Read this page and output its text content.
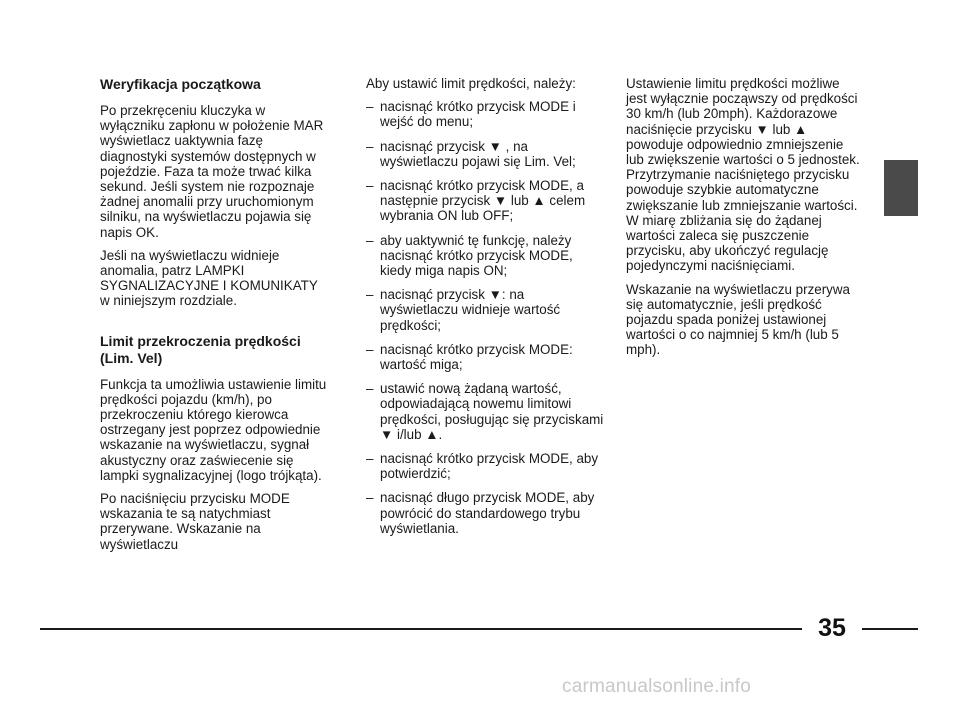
Weryfikacja początkowa

Po przekręceniu kluczyka w wyłączniku zapłonu w położenie MAR wyświetlacz uaktywnia fazę diagnostyki systemów dostępnych w pojeździe. Faza ta może trwać kilka sekund. Jeśli system nie rozpoznaje żadnej anomalii przy uruchomionym silniku, na wyświetlaczu pojawia się napis OK.

Jeśli na wyświetlaczu widnieje anomalia, patrz LAMPKI SYGNALIZACYJNE I KOMUNIKATY w niniejszym rozdziale.

Limit przekroczenia prędkości (Lim. Vel)

Funkcja ta umożliwia ustawienie limitu prędkości pojazdu (km/h), po przekroczeniu którego kierowca ostrzegany jest poprzez odpowiednie wskazanie na wyświetlaczu, sygnał akustyczny oraz zaświecenie się lampki sygnalizacyjnej (logo trójkąta).

Po naciśnięciu przycisku MODE wskazania te są natychmiast przerywane. Wskazanie na wyświetlaczu

Aby ustawić limit prędkości, należy:

– nacisnąć krótko przycisk MODE i wejść do menu;
– nacisnąć przycisk ▼ , na wyświetlaczu pojawi się Lim. Vel;
– nacisnąć krótko przycisk MODE, a następnie przycisk ▼ lub ▲ celem wybrania ON lub OFF;
– aby uaktywnić tę funkcję, należy nacisnąć krótko przycisk MODE, kiedy miga napis ON;
– nacisnąć przycisk ▼: na wyświetlaczu widnieje wartość prędkości;
– nacisnąć krótko przycisk MODE: wartość miga;
– ustawić nową żądaną wartość, odpowiadającą nowemu limitowi prędkości, posługując się przyciskami ▼ i/lub ▲.
– nacisnąć krótko przycisk MODE, aby potwierdzić;
– nacisnąć długo przycisk MODE, aby powrócić do standardowego trybu wyświetlania.

Ustawienie limitu prędkości możliwe jest wyłącznie począwszy od prędkości 30 km/h (lub 20mph). Każdorazowe naciśnięcie przycisku ▼ lub ▲ powoduje odpowiednio zmniejszenie lub zwiększenie wartości o 5 jednostek. Przytrzymanie naciśniętego przycisku powoduje szybkie automatyczne zwiększanie lub zmniejszanie wartości. W miarę zbliżania się do żądanej wartości zaleca się puszczenie przycisku, aby ukończyć regulację pojedynczymi naciśnięciami.

Wskazanie na wyświetlaczu przerywa się automatycznie, jeśli prędkość pojazdu spada poniżej ustawionej wartości o co najmniej 5 km/h (lub 5 mph).

35
carmanualsonline.info
